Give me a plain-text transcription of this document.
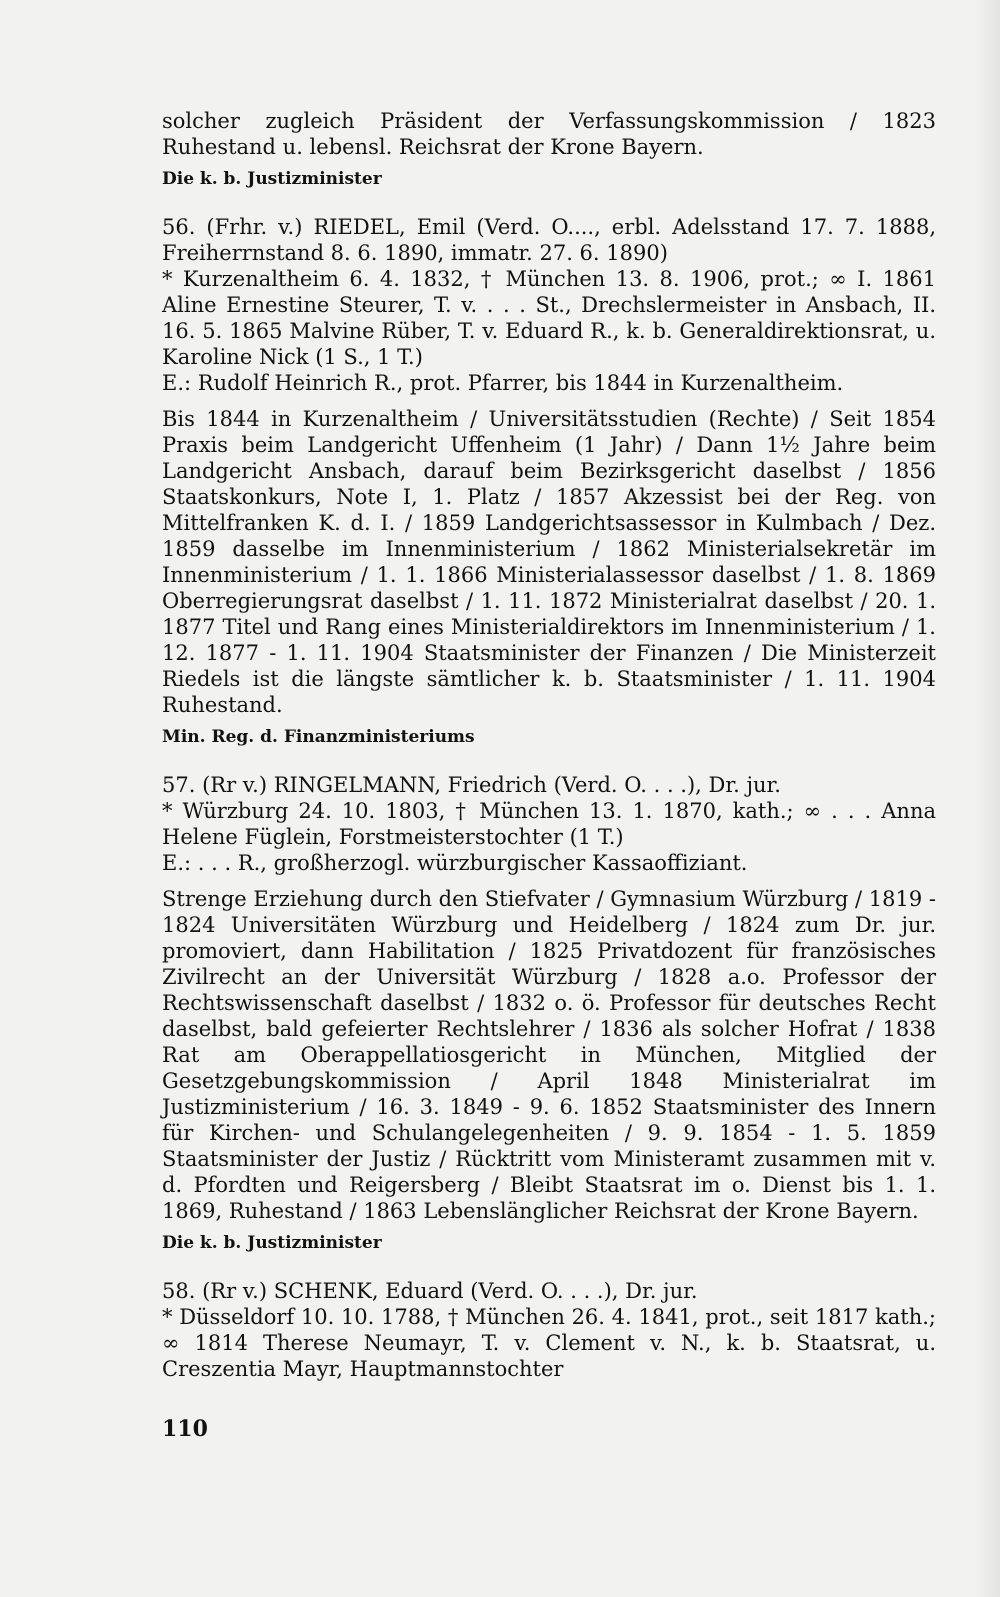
solcher zugleich Präsident der Verfassungskommission / 1823 Ruhestand u. lebensl. Reichsrat der Krone Bayern.

Die k. b. Justizminister

56. (Frhr. v.) RIEDEL, Emil (Verd. O...., erbl. Adelsstand 17. 7. 1888, Freiherrnstand 8. 6. 1890, immatr. 27. 6. 1890)

* Kurzenaltheim 6. 4. 1832, † München 13. 8. 1906, prot.; ∞ I. 1861 Aline Ernestine Steurer, T. v. . . . St., Drechslermeister in Ansbach, II. 16. 5. 1865 Malvine Rüber, T. v. Eduard R., k. b. Generaldirektionsrat, u. Karoline Nick (1 S., 1 T.)

E.: Rudolf Heinrich R., prot. Pfarrer, bis 1844 in Kurzenaltheim.

Bis 1844 in Kurzenaltheim / Universitätsstudien (Rechte) / Seit 1854 Praxis beim Landgericht Uffenheim (1 Jahr) / Dann 1½ Jahre beim Landgericht Ansbach, darauf beim Bezirksgericht daselbst / 1856 Staatskonkurs, Note I, 1. Platz / 1857 Akzessist bei der Reg. von Mittelfranken K. d. I. / 1859 Landgerichtsassessor in Kulmbach / Dez. 1859 dasselbe im Innenministerium / 1862 Ministerialsekretär im Innenministerium / 1. 1. 1866 Ministerialassessor daselbst / 1. 8. 1869 Oberregierungsrat daselbst / 1. 11. 1872 Ministerialrat daselbst / 20. 1. 1877 Titel und Rang eines Ministerialdirektors im Innenministerium / 1. 12. 1877 - 1. 11. 1904 Staatsminister der Finanzen / Die Ministerzeit Riedels ist die längste sämtlicher k. b. Staatsminister / 1. 11. 1904 Ruhestand.

Min. Reg. d. Finanzministeriums

57. (Rr v.) RINGELMANN, Friedrich (Verd. O. . . .), Dr. jur.

* Würzburg 24. 10. 1803, † München 13. 1. 1870, kath.; ∞ . . . Anna Helene Füglein, Forstmeisterstochter (1 T.)

E.: . . . R., großherzogl. würzburgischer Kassaoffiziant.

Strenge Erziehung durch den Stiefvater / Gymnasium Würzburg / 1819 - 1824 Universitäten Würzburg und Heidelberg / 1824 zum Dr. jur. promoviert, dann Habilitation / 1825 Privatdozent für französisches Zivilrecht an der Universität Würzburg / 1828 a.o. Professor der Rechtswissenschaft daselbst / 1832 o. ö. Professor für deutsches Recht daselbst, bald gefeierter Rechtslehrer / 1836 als solcher Hofrat / 1838 Rat am Oberappellatiosgericht in München, Mitglied der Gesetzgebungskommission / April 1848 Ministerialrat im Justizministerium / 16. 3. 1849 - 9. 6. 1852 Staatsminister des Innern für Kirchen- und Schulangelegenheiten / 9. 9. 1854 - 1. 5. 1859 Staatsminister der Justiz / Rücktritt vom Ministeramt zusammen mit v. d. Pfordten und Reigersberg / Bleibt Staatsrat im o. Dienst bis 1. 1. 1869, Ruhestand / 1863 Lebenslänglicher Reichsrat der Krone Bayern.

Die k. b. Justizminister

58. (Rr v.) SCHENK, Eduard (Verd. O. . . .), Dr. jur.

* Düsseldorf 10. 10. 1788, † München 26. 4. 1841, prot., seit 1817 kath.; ∞ 1814 Therese Neumayr, T. v. Clement v. N., k. b. Staatsrat, u. Creszentia Mayr, Hauptmannstochter

110
